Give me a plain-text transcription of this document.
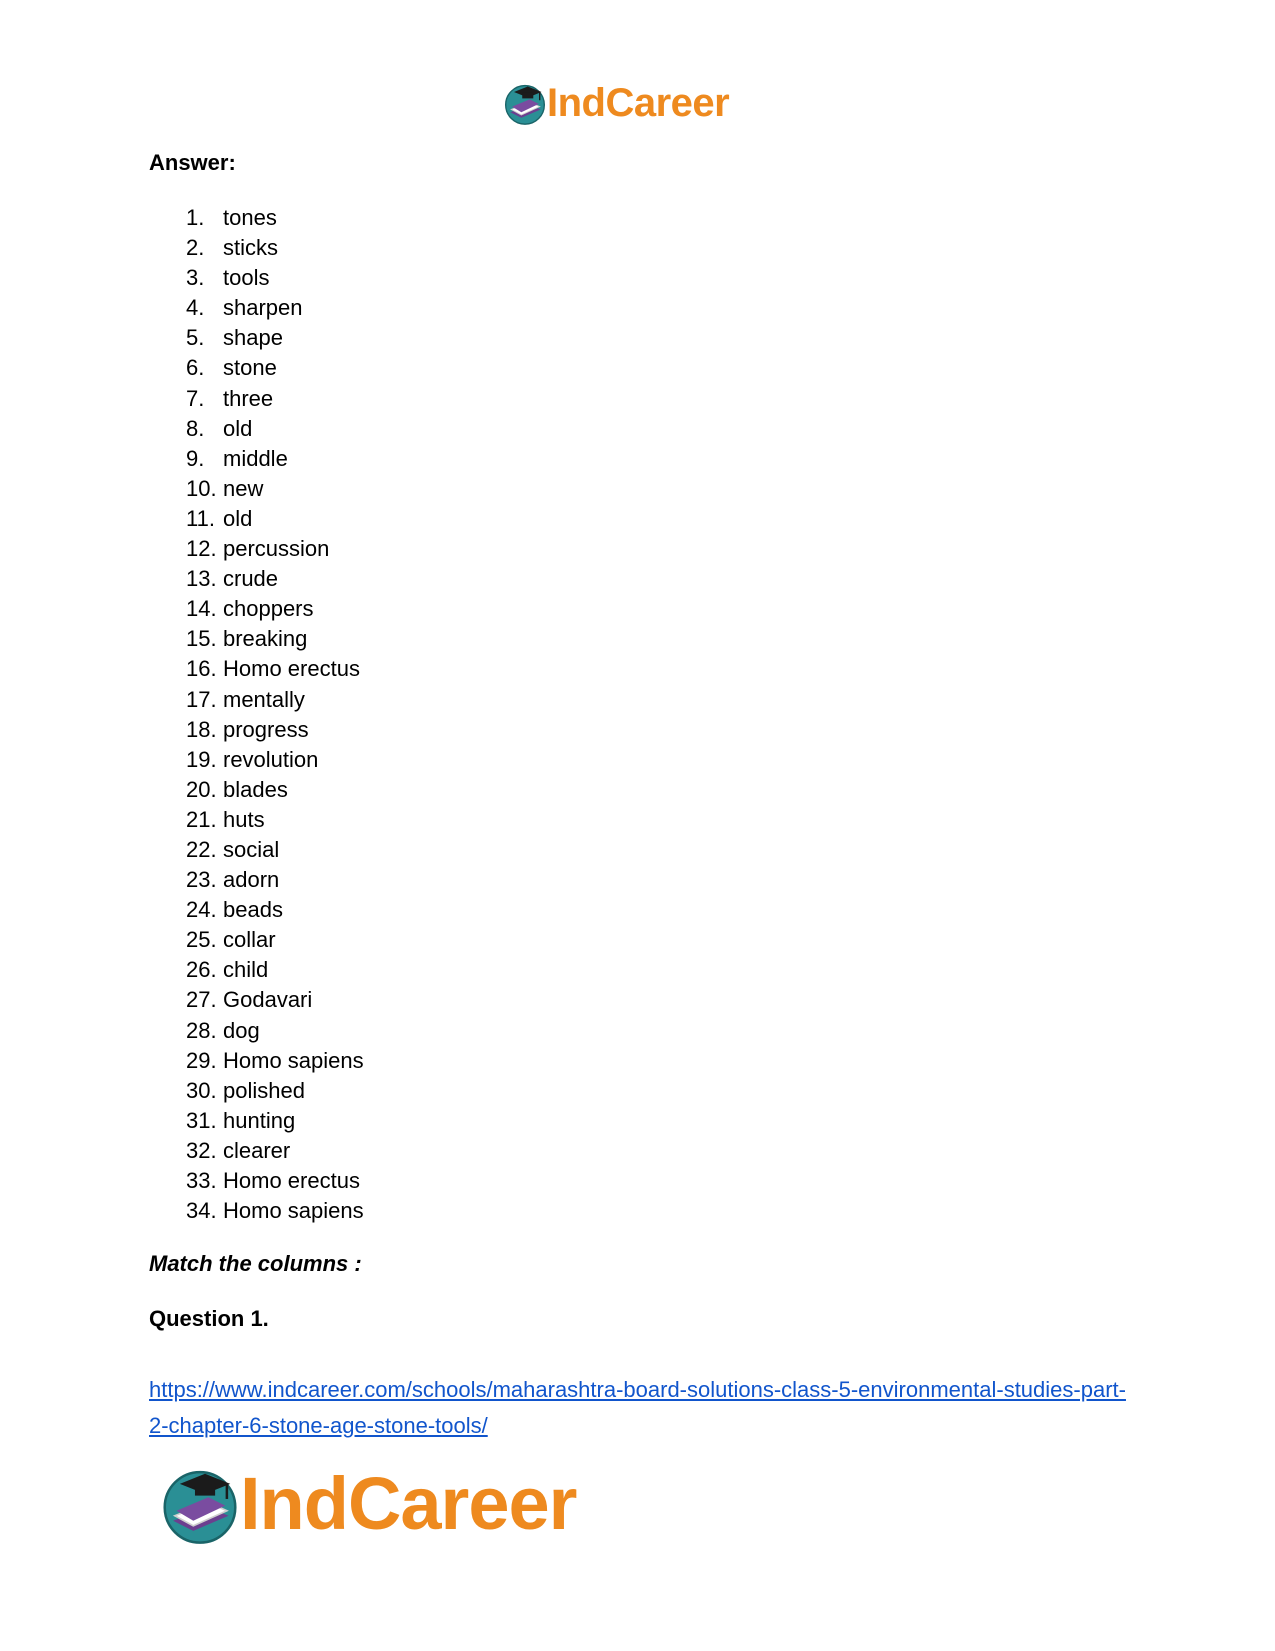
IndCareer
Answer:
1. tones
2. sticks
3. tools
4. sharpen
5. shape
6. stone
7. three
8. old
9. middle
10. new
11. old
12. percussion
13. crude
14. choppers
15. breaking
16. Homo erectus
17. mentally
18. progress
19. revolution
20. blades
21. huts
22. social
23. adorn
24. beads
25. collar
26. child
27. Godavari
28. dog
29. Homo sapiens
30. polished
31. hunting
32. clearer
33. Homo erectus
34. Homo sapiens
Match the columns :
Question 1.
https://www.indcareer.com/schools/maharashtra-board-solutions-class-5-environmental-studies-part-2-chapter-6-stone-age-stone-tools/
IndCareer
